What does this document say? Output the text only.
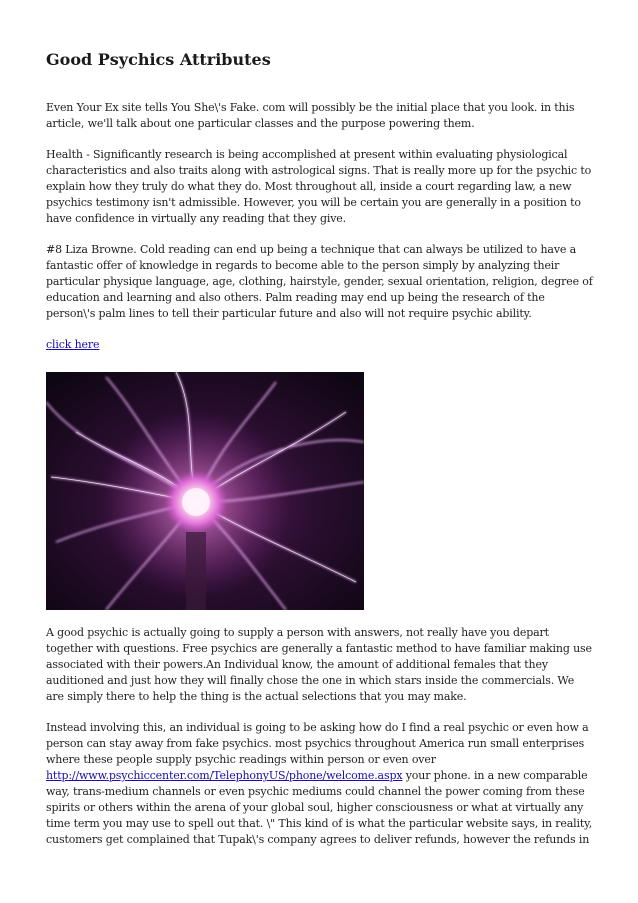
Good Psychics Attributes

Even Your Ex site tells You She\'s Fake. com will possibly be the initial place that you look. in this article, we'll talk about one particular classes and the purpose powering them.

Health - Significantly research is being accomplished at present within evaluating physiological characteristics and also traits along with astrological signs. That is really more up for the psychic to explain how they truly do what they do. Most throughout all, inside a court regarding law, a new psychics testimony isn't admissible. However, you will be certain you are generally in a position to have confidence in virtually any reading that they give.

#8 Liza Browne. Cold reading can end up being a technique that can always be utilized to have a fantastic offer of knowledge in regards to become able to the person simply by analyzing their particular physique language, age, clothing, hairstyle, gender, sexual orientation, religion, degree of education and learning and also others. Palm reading may end up being the research of the person\'s palm lines to tell their particular future and also will not require psychic ability.

click here

A good psychic is actually going to supply a person with answers, not really have you depart together with questions. Free psychics are generally a fantastic method to have familiar making use associated with their powers.An Individual know, the amount of additional females that they auditioned and just how they will finally chose the one in which stars inside the commercials. We are simply there to help the thing is the actual selections that you may make.

Instead involving this, an individual is going to be asking how do I find a real psychic or even how a person can stay away from fake psychics. most psychics throughout America run small enterprises where these people supply psychic readings within person or even over http://www.psychiccenter.com/TelephonyUS/phone/welcome.aspx your phone. in a new comparable way, trans-medium channels or even psychic mediums could channel the power coming from these spirits or others within the arena of your global soul, higher consciousness or what at virtually any time term you may use to spell out that. \" This kind of is what the particular website says, in reality, customers get complained that Tupak\'s company agrees to deliver refunds, however the refunds in
